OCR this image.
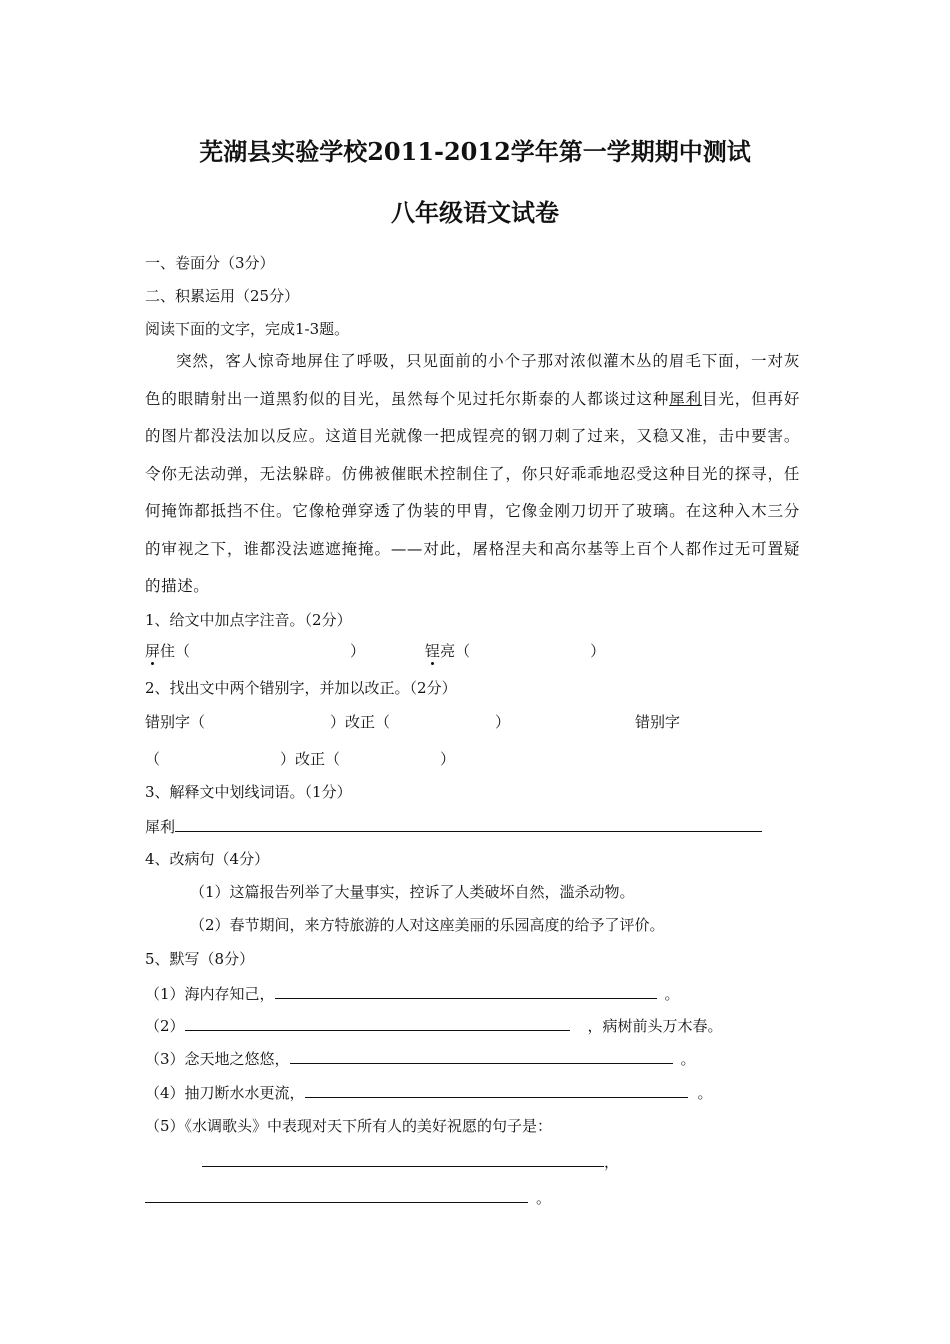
芜湖县实验学校2011-2012学年第一学期期中测试
八年级语文试卷
一、卷面分（3分）
二、积累运用（25分）
阅读下面的文字，完成1-3题。
突然，客人惊奇地屏住了呼吸，只见面前的小个子那对浓似灌木丛的眉毛下面，一对灰色的眼睛射出一道黑豹似的目光，虽然每个见过托尔斯泰的人都谈过这种犀利目光，但再好的图片都没法加以反应。这道目光就像一把成锃亮的钢刀刺了过来，又稳又准，击中要害。令你无法动弹，无法躲辟。仿佛被催眠术控制住了，你只好乖乖地忍受这种目光的探寻，任何掩饰都抵挡不住。它像枪弹穿透了伪装的甲胄，它像金刚刀切开了玻璃。在这种入木三分的审视之下，谁都没法遮遮掩掩。——对此，屠格涅夫和高尔基等上百个人都作过无可置疑的描述。
1、给文中加点字注音。（2分）
屏住（	）	锃亮（	）
2、找出文中两个错别字，并加以改正。（2分）
错别字（	）改正（	）	错别字
（	）改正（	）
3、解释文中划线词语。（1分）
犀利
4、改病句（4分）
（1）这篇报告列举了大量事实，控诉了人类破坏自然，滥杀动物。
（2）春节期间，来方特旅游的人对这座美丽的乐园高度的给予了评价。
5、默写（8分）
（1）海内存知己，	。
（2）	，病树前头万木春。
（3）念天地之悠悠，	。
（4）抽刀断水水更流，	。
（5）《水调歌头》中表现对天下所有人的美好祝愿的句子是：
，
。
